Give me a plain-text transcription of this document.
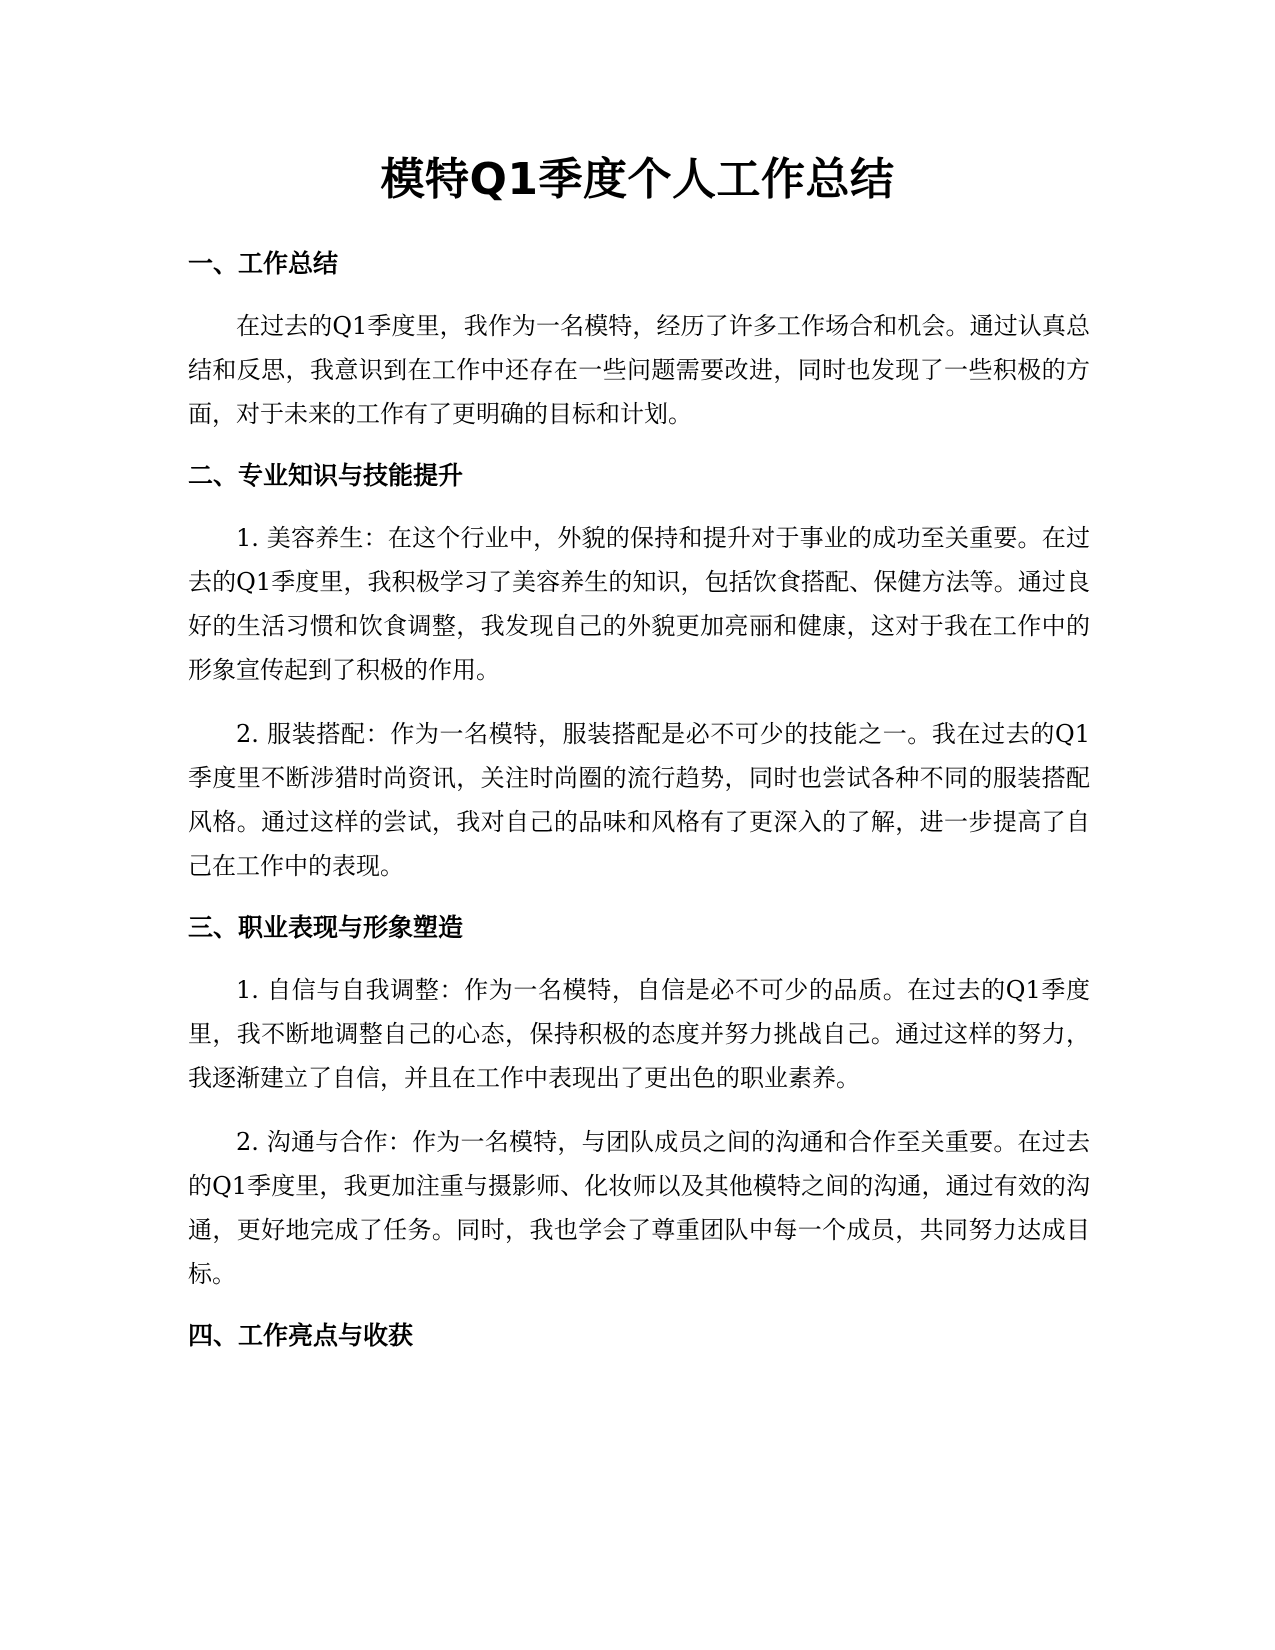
模特Q1季度个人工作总结
一、工作总结

在过去的Q1季度里，我作为一名模特，经历了许多工作场合和机会。通过认真总结和反思，我意识到在工作中还存在一些问题需要改进，同时也发现了一些积极的方面，对于未来的工作有了更明确的目标和计划。

二、专业知识与技能提升

1. 美容养生：在这个行业中，外貌的保持和提升对于事业的成功至关重要。在过去的Q1季度里，我积极学习了美容养生的知识，包括饮食搭配、保健方法等。通过良好的生活习惯和饮食调整，我发现自己的外貌更加亮丽和健康，这对于我在工作中的形象宣传起到了积极的作用。

2. 服装搭配：作为一名模特，服装搭配是必不可少的技能之一。我在过去的Q1季度里不断涉猎时尚资讯，关注时尚圈的流行趋势，同时也尝试各种不同的服装搭配风格。通过这样的尝试，我对自己的品味和风格有了更深入的了解，进一步提高了自己在工作中的表现。

三、职业表现与形象塑造

1. 自信与自我调整：作为一名模特，自信是必不可少的品质。在过去的Q1季度里，我不断地调整自己的心态，保持积极的态度并努力挑战自己。通过这样的努力，我逐渐建立了自信，并且在工作中表现出了更出色的职业素养。

2. 沟通与合作：作为一名模特，与团队成员之间的沟通和合作至关重要。在过去的Q1季度里，我更加注重与摄影师、化妆师以及其他模特之间的沟通，通过有效的沟通，更好地完成了任务。同时，我也学会了尊重团队中每一个成员，共同努力达成目标。

四、工作亮点与收获
